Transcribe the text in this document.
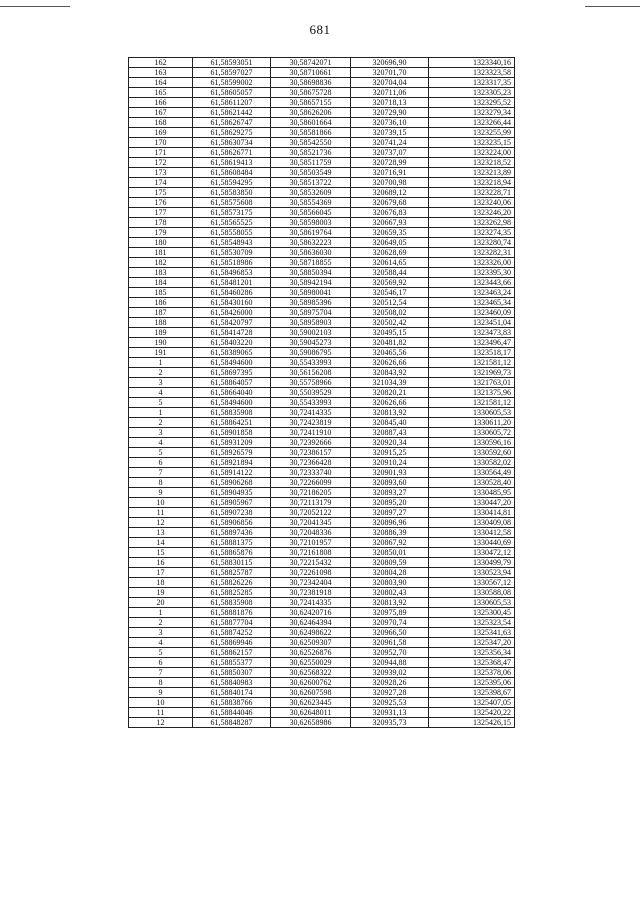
681
162	61,58593051	30,58742071	320696,90	1323340,16
163	61,58597027	30,58710661	320701,70	1323323,58
164	61,58599002	30,58698836	320704,04	1323317,35
165	61,58605057	30,58675728	320711,06	1323305,23
166	61,58611207	30,58657155	320718,13	1323295,52
167	61,58621442	30,58626206	320729,90	1323279,34
168	61,58626747	30,58601664	320736,10	1323266,44
169	61,58629275	30,58581866	320739,15	1323255,99
170	61,58630734	30,58542550	320741,24	1323235,15
171	61,58626771	30,58521736	320737,07	1323224,00
172	61,58619413	30,58511759	320728,99	1323218,52
173	61,58608484	30,58503549	320716,91	1323213,89
174	61,58594295	30,58513722	320700,98	1323218,94
175	61,58583850	30,58532609	320689,12	1323228,71
176	61,58575608	30,58554369	320679,68	1323240,06
177	61,58573175	30,58566045	320676,83	1323246,20
178	61,58565525	30,58598003	320667,93	1323262,98
179	61,58558055	30,58619764	320659,35	1323274,35
180	61,58548943	30,58632223	320649,05	1323280,74
181	61,58530709	30,58636030	320628,69	1323282,31
182	61,58518986	30,58718855	320614,65	1323326,00
183	61,58496853	30,58850394	320588,44	1323395,30
184	61,58481201	30,58942194	320569,92	1323443,66
185	61,58460286	30,58980041	320546,17	1323463,24
186	61,58430160	30,58985396	320512,54	1323465,34
187	61,58426000	30,58975704	320508,02	1323460,09
188	61,58420797	30,58958903	320502,42	1323451,04
189	61,58414728	30,59002103	320495,15	1323473,83
190	61,58403220	30,59045273	320481,82	1323496,47
191	61,58389065	30,59086795	320465,56	1323518,17
1	61,58494600	30,55433993	320626,66	1321581,12
2	61,58697395	30,56156208	320843,92	1321969,73
3	61,58864057	30,55758966	321034,39	1321763,01
4	61,58664040	30,55039529	320820,21	1321375,96
5	61,58494600	30,55433993	320626,66	1321581,12
1	61,58835908	30,72414335	320813,92	1330605,53
2	61,58864251	30,72423819	320845,40	1330611,20
3	61,58901858	30,72411910	320887,43	1330605,72
4	61,58931209	30,72392666	320920,34	1330596,16
5	61,58926579	30,72386157	320915,25	1330592,60
6	61,58921894	30,72366428	320910,24	1330582,02
7	61,58914122	30,72333740	320901,93	1330564,49
8	61,58906268	30,72266099	320893,60	1330528,40
9	61,58904935	30,72186205	320893,27	1330485,95
10	61,58905967	30,72113179	320895,20	1330447,20
11	61,58907238	30,72052122	320897,27	1330414,81
12	61,58906856	30,72041345	320896,96	1330409,08
13	61,58897436	30,72048336	320886,39	1330412,58
14	61,58881375	30,72101957	320867,92	1330440,69
15	61,58865876	30,72161808	320850,01	1330472,12
16	61,58830115	30,72215432	320809,59	1330499,79
17	61,58825787	30,72261098	320804,28	1330523,94
18	61,58826226	30,72342404	320803,90	1330567,12
19	61,58825285	30,72381918	320802,43	1330588,08
20	61,58835908	30,72414335	320813,92	1330605,53
1	61,58881876	30,62420716	320975,89	1325300,45
2	61,58877704	30,62464394	320970,74	1325323,54
3	61,58874252	30,62498622	320966,50	1325341,63
4	61,58869946	30,62509307	320961,58	1325347,20
5	61,58862157	30,62526876	320952,70	1325356,34
6	61,58855377	30,62550029	320944,88	1325368,47
7	61,58850307	30,62568322	320939,02	1325378,06
8	61,58840983	30,62600762	320928,26	1325395,06
9	61,58840174	30,62607598	320927,28	1325398,67
10	61,58838766	30,62623445	320925,53	1325407,05
11	61,58844046	30,62648011	320931,13	1325420,22
12	61,58848287	30,62658986	320935,73	1325426,15
